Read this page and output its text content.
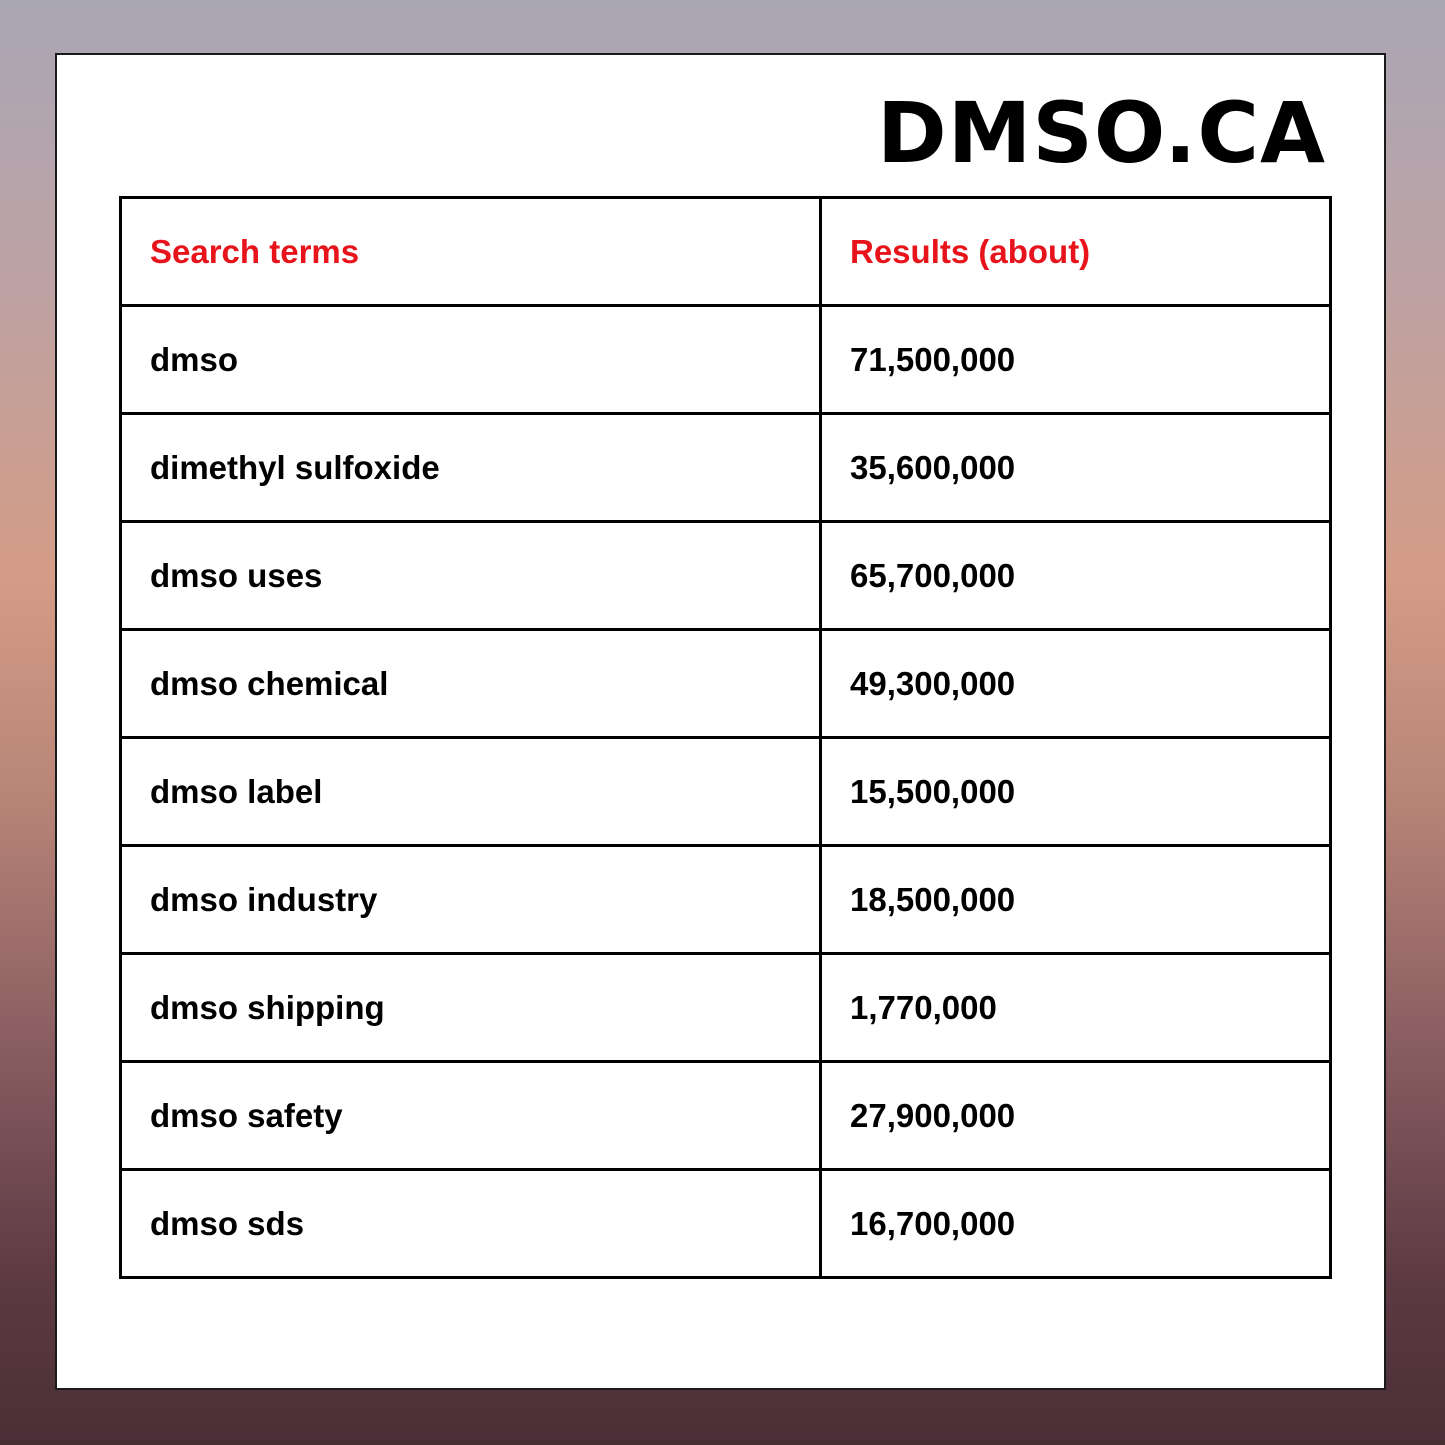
DMSO.CA
Search terms	Results (about)
dmso	71,500,000
dimethyl sulfoxide	35,600,000
dmso uses	65,700,000
dmso chemical	49,300,000
dmso label	15,500,000
dmso industry	18,500,000
dmso shipping	1,770,000
dmso safety	27,900,000
dmso sds	16,700,000
